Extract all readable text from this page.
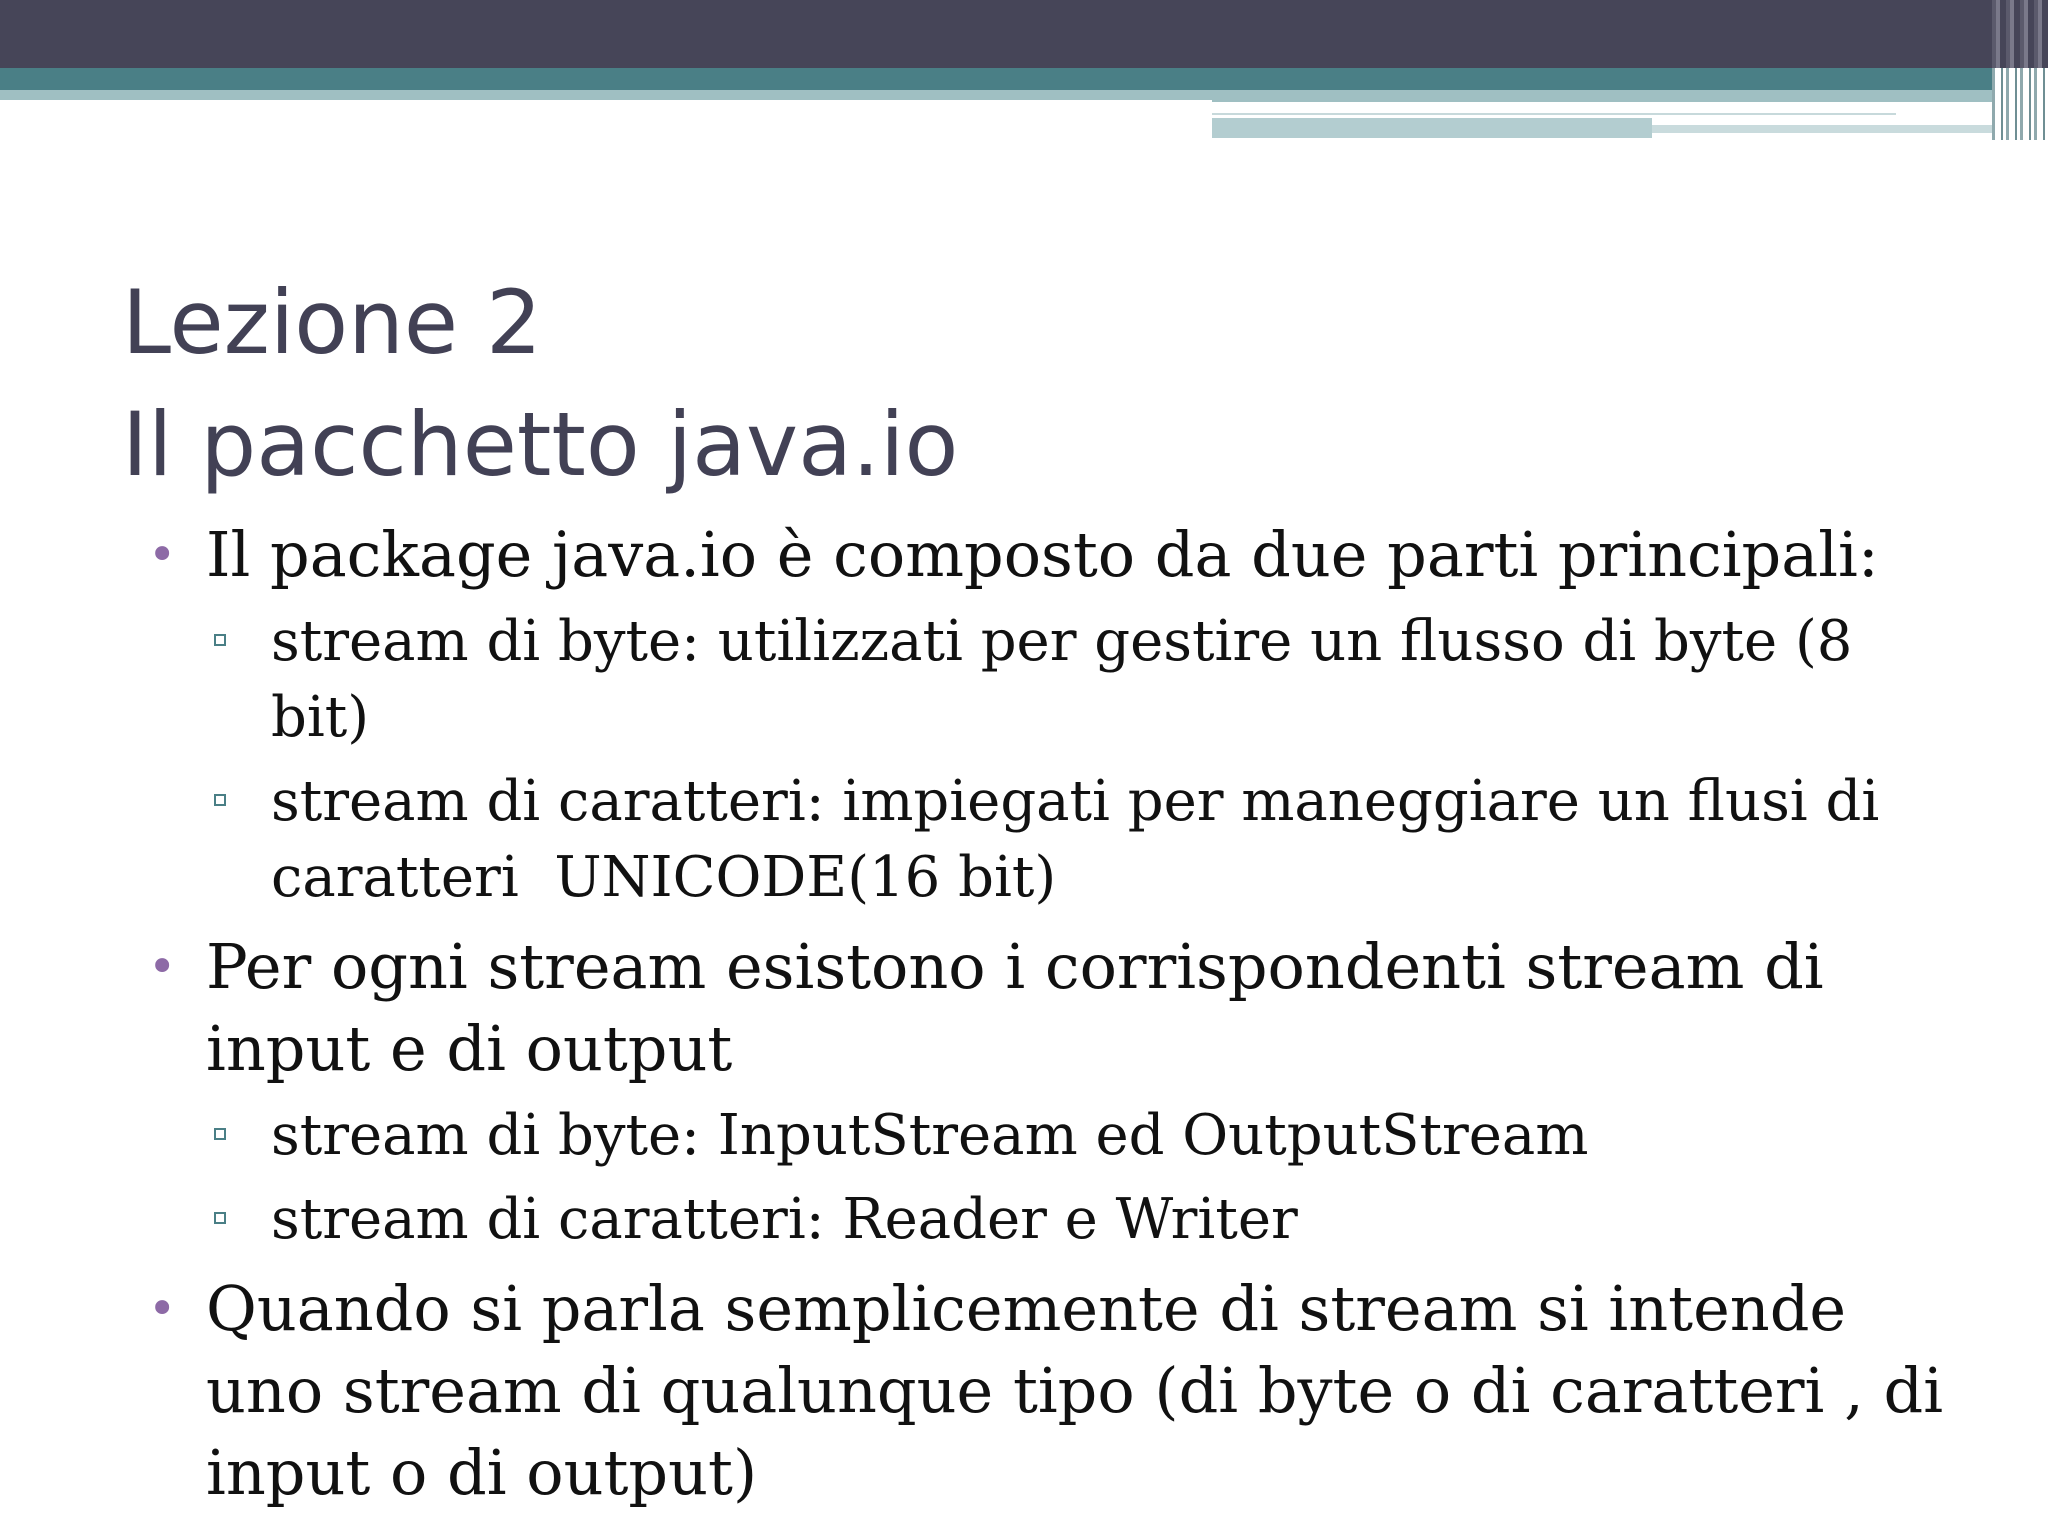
Lezione 2
Il pacchetto java.io

• Il package java.io è composto da due parti principali:

stream di byte: utilizzati per gestire un flusso di byte (8 bit)

stream di caratteri: impiegati per maneggiare un flusi di caratteri  UNICODE(16 bit)

• Per ogni stream esistono i corrispondenti stream di input e di output

stream di byte: InputStream ed OutputStream

stream di caratteri: Reader e Writer

• Quando si parla semplicemente di stream si intende uno stream di qualunque tipo (di byte o di caratteri , di input o di output)
